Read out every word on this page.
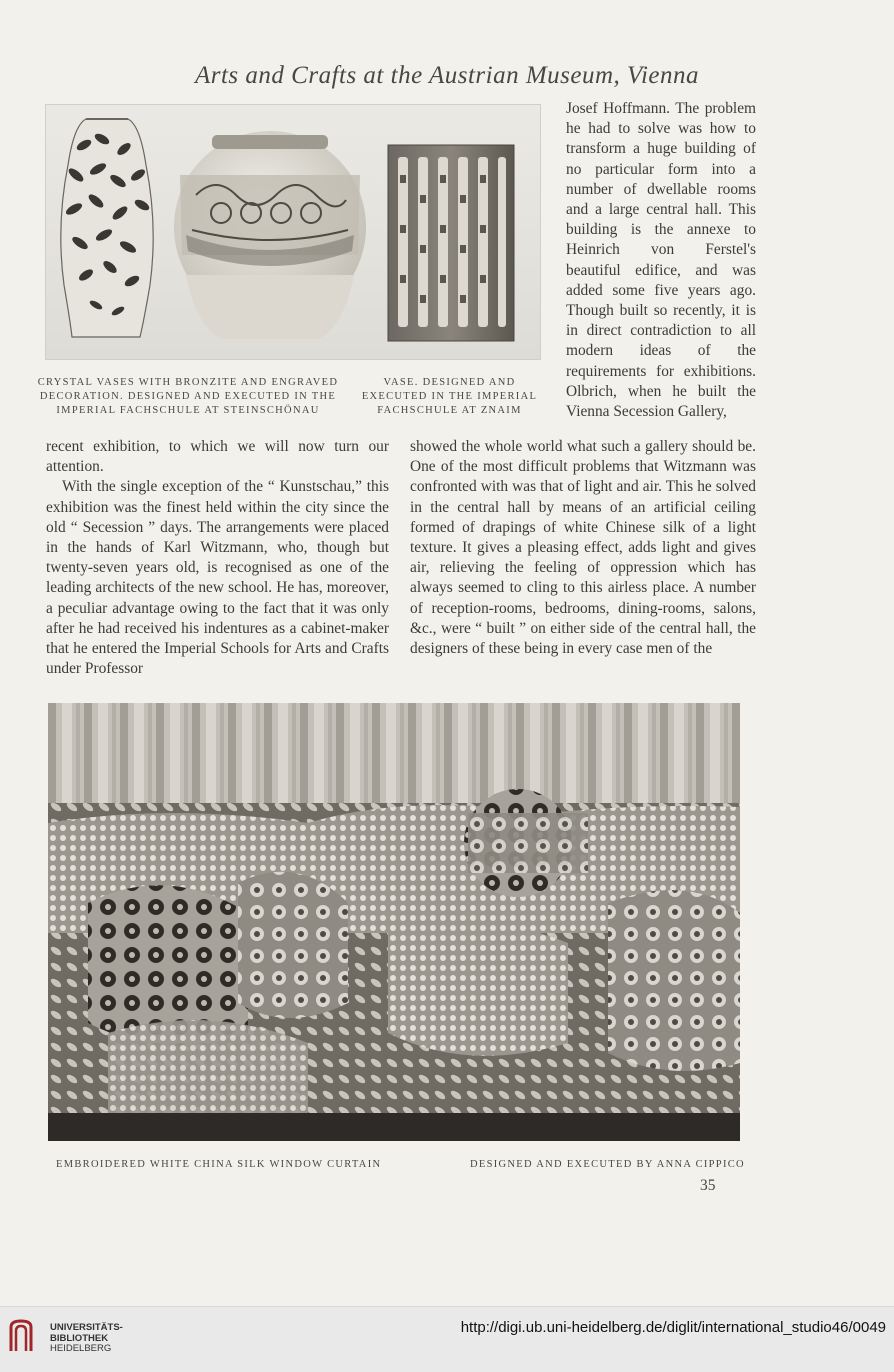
Arts and Crafts at the Austrian Museum, Vienna
CRYSTAL VASES WITH BRONZITE AND ENGRAVED DECORATION. DESIGNED AND EXECUTED IN THE IMPERIAL FACHSCHULE AT STEINSCHÖNAU
VASE. DESIGNED AND EXECUTED IN THE IMPERIAL FACHSCHULE AT ZNAIM

Josef Hoffmann. The problem he had to solve was how to transform a huge building of no particular form into a number of dwellable rooms and a large central hall. This building is the annexe to Heinrich von Ferstel's beautiful edifice, and was added some five years ago. Though built so recently, it is in direct contradiction to all modern ideas of the requirements for exhibitions. Olbrich, when he built the Vienna Secession Gallery,

recent exhibition, to which we will now turn our attention.

With the single exception of the “ Kunstschau,” this exhibition was the finest held within the city since the old “ Secession ” days. The arrangements were placed in the hands of Karl Witzmann, who, though but twenty-seven years old, is recognised as one of the leading architects of the new school. He has, moreover, a peculiar advantage owing to the fact that it was only after he had received his indentures as a cabinet-maker that he entered the Imperial Schools for Arts and Crafts under Professor

showed the whole world what such a gallery should be. One of the most difficult problems that Witzmann was confronted with was that of light and air. This he solved in the central hall by means of an artificial ceiling formed of drapings of white Chinese silk of a light texture. It gives a pleasing effect, adds light and gives air, relieving the feeling of oppression which has always seemed to cling to this airless place. A number of reception-rooms, bedrooms, dining-rooms, salons, &c., were “ built ” on either side of the central hall, the designers of these being in every case men of the

EMBROIDERED WHITE CHINA SILK WINDOW CURTAIN	DESIGNED AND EXECUTED BY ANNA CIPPICO
35
UNIVERSITÄTS-
BIBLIOTHEK
HEIDELBERG
http://digi.ub.uni-heidelberg.de/diglit/international_studio46/0049
